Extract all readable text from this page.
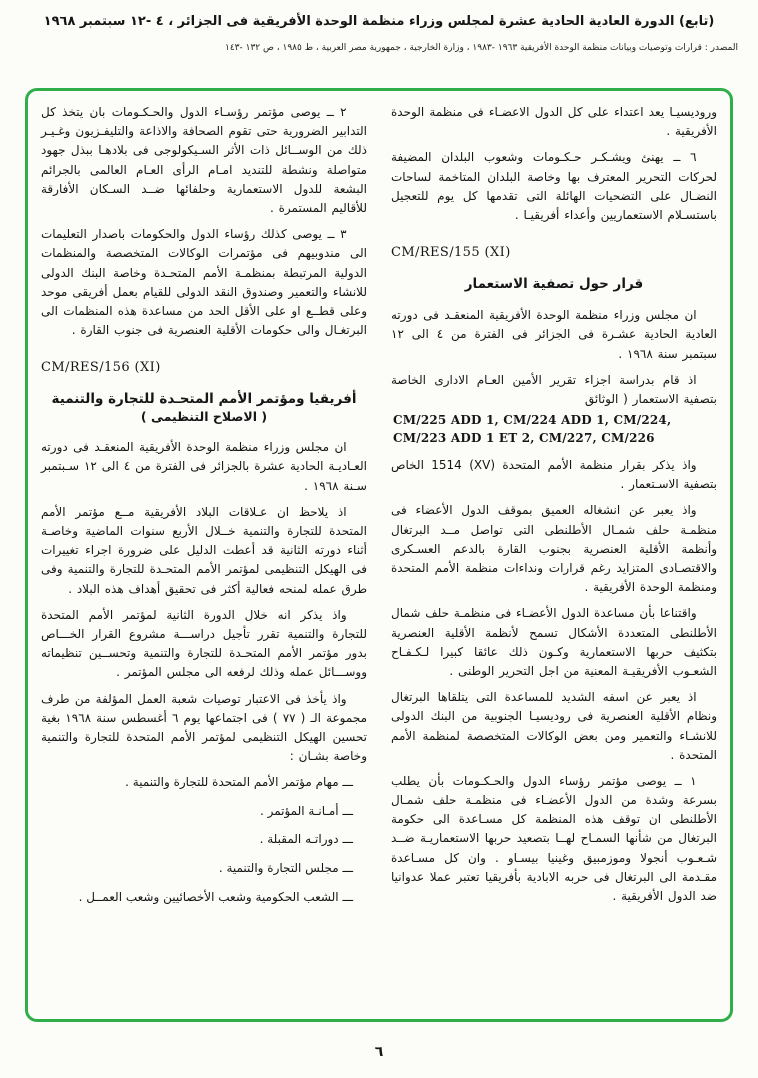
(تابع) الدورة العادية الحادية عشرة لمجلس وزراء منظمة الوحدة الأفريقية فى الجزائر ، ٤ -١٢ سبتمبر ١٩٦٨
المصدر : قرارات وتوصيات وبيانات منظمة الوحدة الأفريقية ١٩٦٣ -١٩٨٣ ، وزارة الخارجية ، جمهورية مصر العربية ، ط ١٩٨٥ ، ص ١٣٢ -١٤٣

وروديسيـا يعد اعتداء على كل الدول الاعضـاء فى منظمة الوحدة الأفريقية .

٦ ــ يهنئ ويشـكـر حـكـومات وشعوب البلدان المضيفة لحركات التحرير المعترف بها وخاصة البلدان المتاخمة لساحات النضـال على التضحيات الهائلة التى تقدمها كل يوم للتعجيل باستسـلام الاستعماريين وأعداء أفريقيـا .

CM/RES/155 (XI)
قرار حول تصفية الاستعمار

ان مجلس وزراء منظمة الوحدة الأفريقية المنعقـد فى دورته العادية الحادية عشـرة فى الجزائر فى الفترة من ٤ الى ١٢ سبتمبر سنة ١٩٦٨ .

اذ قام بدراسة اجزاء تقرير الأمين العـام الادارى الخاصة بتصفية الاستعمار ( الوثائق

CM/225 ADD 1, CM/224 ADD 1, CM/224,
CM/223 ADD 1 ET 2, CM/227, CM/226

واذ يذكر بقرار منظمة الأمم المتحدة (XV) 1514 الخاص بتصفية الاسـتعمار .

واذ يعبر عن انشغاله العميق بموقف الدول الأعضاء فى منظمـة حلف شمـال الأطلنطى التى تواصل مــد البرتغال وأنظمة الأقلية العنصرية بجنوب القارة بالدعم العسـكرى والاقتصـادى المتزايد رغم قرارات ونداءات منظمة الأمم المتحدة ومنظمة الوحدة الأفريقية .

واقتناعا بأن مساعدة الدول الأعضـاء فى منظمـة حلف شمال الأطلنطى المتعددة الأشكال تسمح لأنظمة الأقلية العنصرية بتكثيف حربها الاستعمارية وكـون ذلك عائقا كبيرا لـكـفـاح الشعـوب الأفريقيـة المعنية من اجل التحرير الوطنى .

اذ يعبر عن اسفه الشديد للمساعدة التى يتلقاها البرتغال ونظام الأقلية العنصرية فى روديسيـا الجنوبية من البنك الدولى للانشـاء والتعمير ومن بعض الوكالات المتخصصة لمنظمة الأمم المتحدة .

١ ــ يوصى مؤتمر رؤساء الدول والحـكـومات بأن يطلب بسرعة وشدة من الدول الأعضـاء فى منظمـة حلف شمـال الأطلنطى ان توقف هذه المنظمة كل مسـاعدة الى حكومة البرتغال من شأنها السمـاح لهــا بتصعيد حربها الاستعماريـة ضــد شـعـوب أنجولا وموزمبيق وغينيا بيسـاو . وان كل مسـاعدة مقـدمة الى البرتغال فى حربه الابادية بأفريقيا تعتبر عملا عدوانيا ضد الدول الأفريقية .

٢ ــ يوصى مؤتمر رؤسـاء الدول والحـكـومات بان يتخذ كل التدابير الضرورية حتى تقوم الصحافة والاذاعة والتليفـزيون وغـيـر ذلك من الوســائل ذات الأثر السـيكولوجى فى بلادهـا ببذل جهود متواصلة ونشطة للتنديد امـام الرأى العـام العالمى بالجرائم البشعة للدول الاستعمارية وحلفائها ضــد السـكان الأفارقة للأقاليم المستمرة .

٣ ــ يوصى كذلك رؤساء الدول والحكومات باصدار التعليمات الى مندوبيهم فى مؤتمرات الوكالات المتخصصة والمنظمات الدولية المرتبطة بمنظمـة الأمم المتحـدة وخاصة البنك الدولى للانشاء والتعمير وصندوق النقد الدولى للقيام بعمل أفريقى موحد وعلى قطــع او على الأقل الحد من مساعدة هذه المنظمات الى البرتغـال والى حكومات الأقلية العنصرية فى جنوب القارة .

CM/RES/156 (XI)
أفريقيا ومؤتمر الأمم المتحـدة للتجارة والتنمية
( الاصلاح التنظيمى )

ان مجلس وزراء منظمة الوحدة الأفريقية المنعقـد فى دورته العـاديـة الحادية عشرة بالجزائر فى الفترة من ٤ الى ١٢ سـبتمبر سـنة ١٩٦٨ .

اذ يلاحظ ان عـلاقات البلاد الأفريقية مــع مؤتمر الأمم المتحدة للتجارة والتنمية خــلال الأربع سنوات الماضية وخاصـة أثناء دورته الثانية قد أعطت الدليل على ضرورة اجراء تغييرات فى الهيكل التنظيمى لمؤتمر الأمم المتحـدة للتجارة والتنمية وفى طرق عمله لمنحه فعالية أكثر فى تحقيق أهداف هذه البلاد .

واذ يذكر انه خلال الدورة الثانية لمؤتمر الأمم المتحدة للتجارة والتنمية تقرر تأجيل دراســـة مشروع القرار الخـــاص بدور مؤتمر الأمم المتحـدة للتجارة والتنمية وتحســين تنظيماته ووســـائل عمله وذلك لرفعه الى مجلس المؤتمر .

واذ يأخذ فى الاعتبار توصيات شعبة العمل المؤلفة من طرف مجموعة الـ ( ٧٧ ) فى اجتماعها يوم ٦ أغسطس سنة ١٩٦٨ بغية تحسين الهيكل التنظيمى لمؤتمر الأمم المتحدة للتجارة والتنمية وخاصة بشـان :

ـــ مهام مؤتمر الأمم المتحدة للتجارة والتنمية .
ـــ أمـانـة المؤتمر .
ـــ دوراتـه المقبلة .
ـــ مجلس التجارة والتنمية .
ـــ الشعب الحكومية وشعب الأخصائيين وشعب العمــل .
٦
